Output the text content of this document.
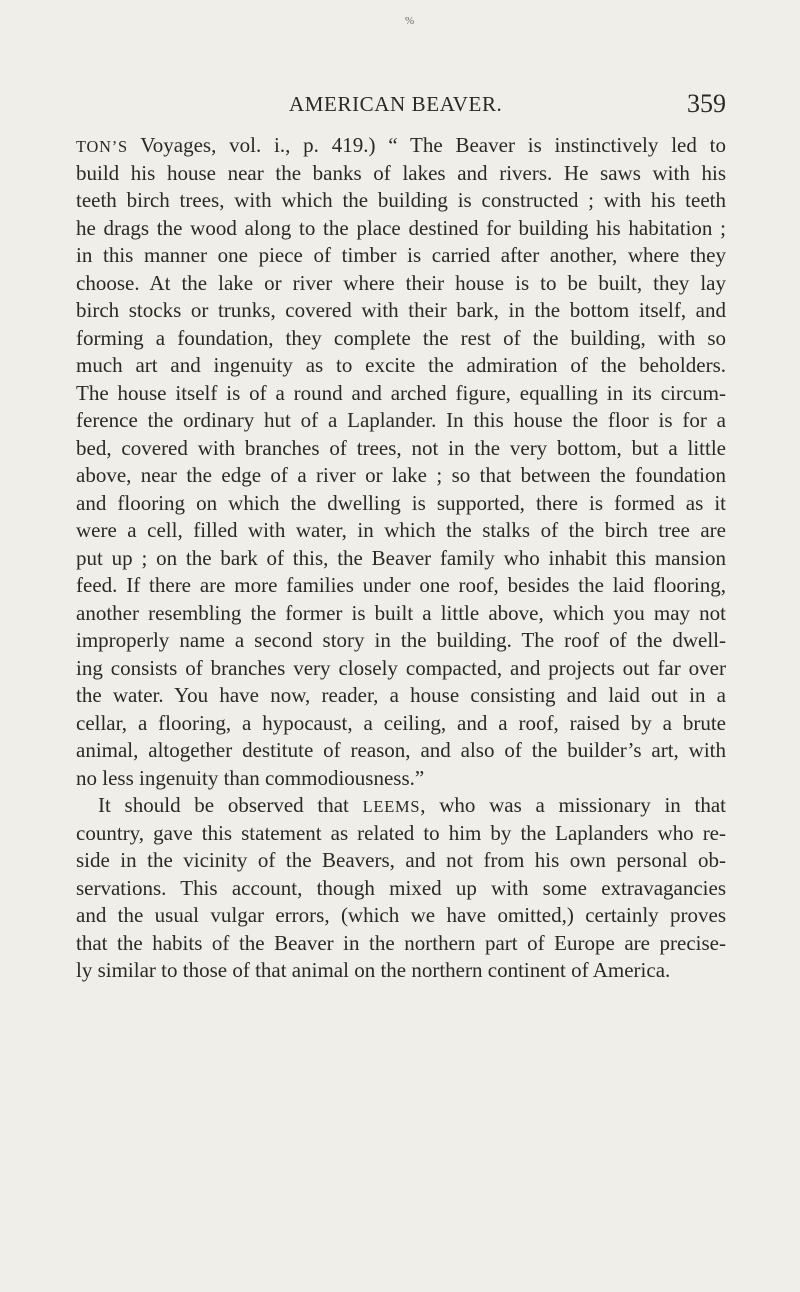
%
AMERICAN BEAVER.	359
TON’S Voyages, vol. i., p. 419.) “ The Beaver is instinctively led to
build his house near the banks of lakes and rivers. He saws with his
teeth birch trees, with which the building is constructed ; with his teeth
he drags the wood along to the place destined for building his habitation ;
in this manner one piece of timber is carried after another, where they
choose. At the lake or river where their house is to be built, they lay
birch stocks or trunks, covered with their bark, in the bottom itself, and
forming a foundation, they complete the rest of the building, with so
much art and ingenuity as to excite the admiration of the beholders.
The house itself is of a round and arched figure, equalling in its circum-
ference the ordinary hut of a Laplander. In this house the floor is for a
bed, covered with branches of trees, not in the very bottom, but a little
above, near the edge of a river or lake ; so that between the foundation
and flooring on which the dwelling is supported, there is formed as it
were a cell, filled with water, in which the stalks of the birch tree are
put up ; on the bark of this, the Beaver family who inhabit this mansion
feed. If there are more families under one roof, besides the laid flooring,
another resembling the former is built a little above, which you may not
improperly name a second story in the building. The roof of the dwell-
ing consists of branches very closely compacted, and projects out far over
the water. You have now, reader, a house consisting and laid out in a
cellar, a flooring, a hypocaust, a ceiling, and a roof, raised by a brute
animal, altogether destitute of reason, and also of the builder’s art, with
no less ingenuity than commodiousness.”
It should be observed that LEEMS, who was a missionary in that
country, gave this statement as related to him by the Laplanders who re-
side in the vicinity of the Beavers, and not from his own personal ob-
servations. This account, though mixed up with some extravagancies
and the usual vulgar errors, (which we have omitted,) certainly proves
that the habits of the Beaver in the northern part of Europe are precise-
ly similar to those of that animal on the northern continent of America.
